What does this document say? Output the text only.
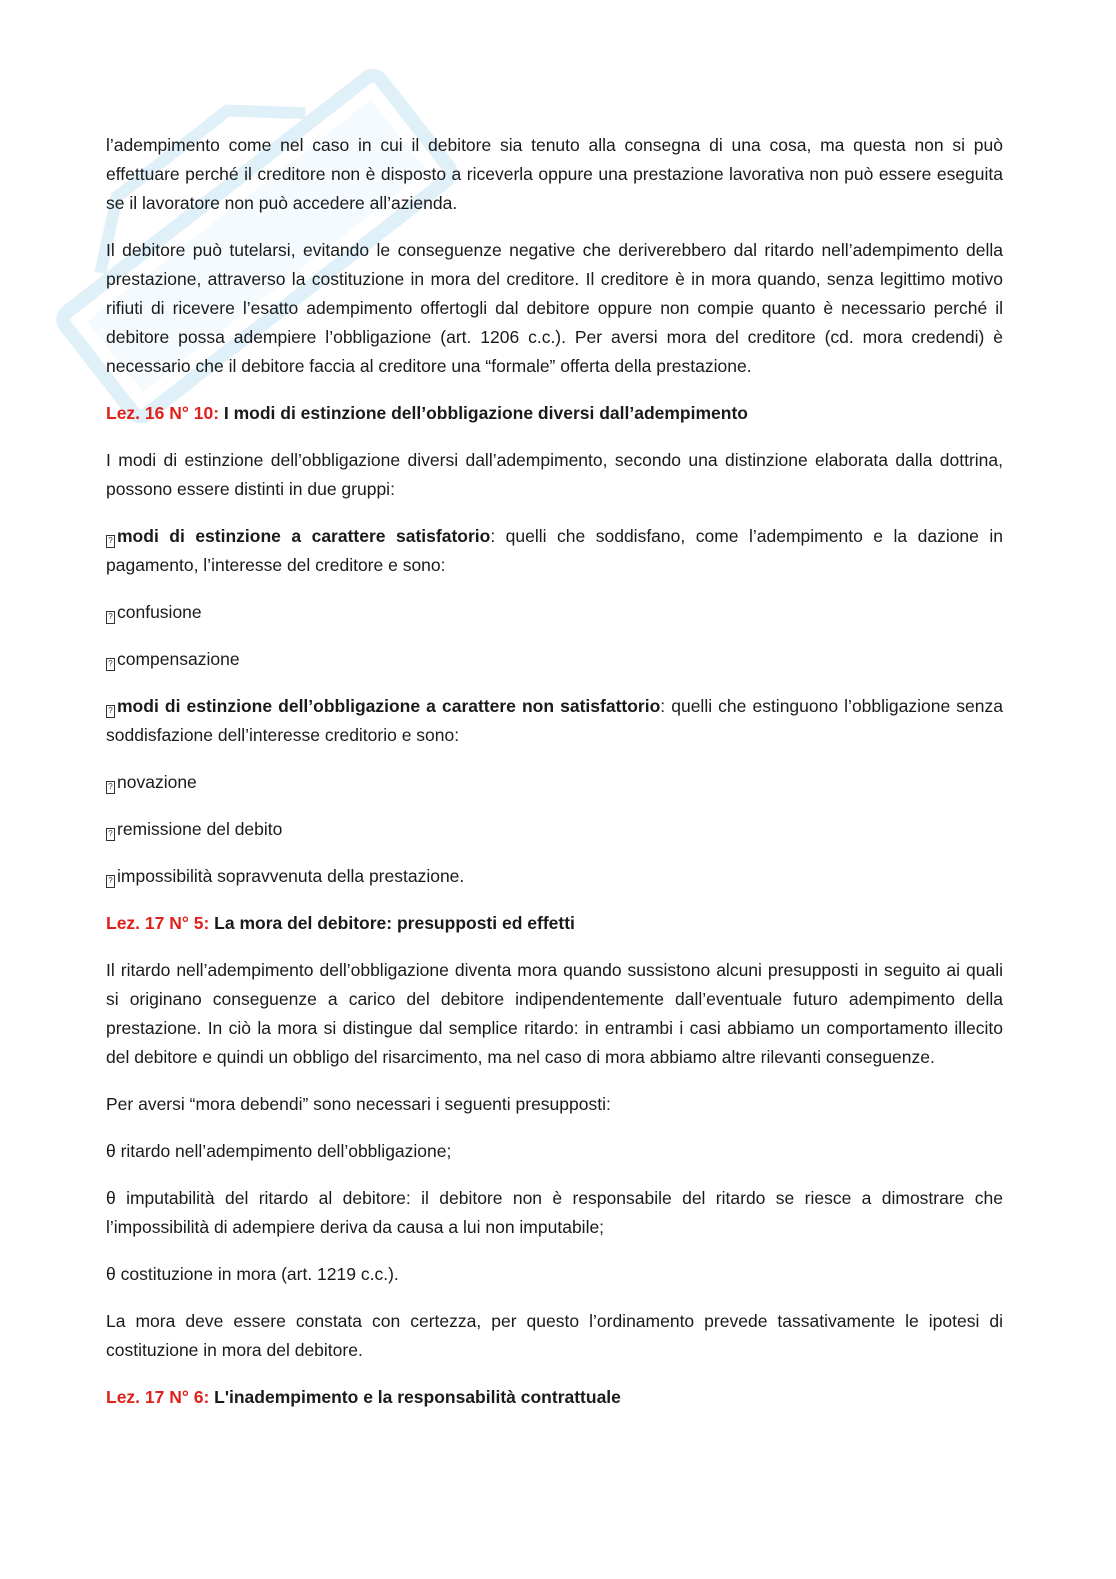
l’adempimento come nel caso in cui il debitore sia tenuto alla consegna di una cosa, ma questa non si può effettuare perché il creditore non è disposto a riceverla oppure una prestazione lavorativa non può essere eseguita se il lavoratore non può accedere all’azienda.

Il debitore può tutelarsi, evitando le conseguenze negative che deriverebbero dal ritardo nell’adempimento della prestazione, attraverso la costituzione in mora del creditore. Il creditore è in mora quando, senza legittimo motivo rifiuti di ricevere l’esatto adempimento offertogli dal debitore oppure non compie quanto è necessario perché il debitore possa adempiere l’obbligazione (art. 1206 c.c.). Per aversi mora del creditore (cd. mora credendi) è necessario che il debitore faccia al creditore una “formale” offerta della prestazione.

Lez. 16 N° 10: I modi di estinzione dell’obbligazione diversi dall’adempimento

I modi di estinzione dell’obbligazione diversi dall’adempimento, secondo una distinzione elaborata dalla dottrina, possono essere distinti in due gruppi:

? modi di estinzione a carattere satisfatorio: quelli che soddisfano, come l’adempimento e la dazione in pagamento, l’interesse del creditore e sono:

? confusione

? compensazione

? modi di estinzione dell’obbligazione a carattere non satisfattorio: quelli che estinguono l’obbligazione senza soddisfazione dell’interesse creditorio e sono:

? novazione

? remissione del debito

? impossibilità sopravvenuta della prestazione.

Lez. 17 N° 5: La mora del debitore: presupposti ed effetti

Il ritardo nell’adempimento dell’obbligazione diventa mora quando sussistono alcuni presupposti in seguito ai quali si originano conseguenze a carico del debitore indipendentemente dall’eventuale futuro adempimento della prestazione. In ciò la mora si distingue dal semplice ritardo: in entrambi i casi abbiamo un comportamento illecito del debitore e quindi un obbligo del risarcimento, ma nel caso di mora abbiamo altre rilevanti conseguenze.

Per aversi “mora debendi” sono necessari i seguenti presupposti:

θ ritardo nell’adempimento dell’obbligazione;

θ imputabilità del ritardo al debitore: il debitore non è responsabile del ritardo se riesce a dimostrare che l’impossibilità di adempiere deriva da causa a lui non imputabile;

θ costituzione in mora (art. 1219 c.c.).

La mora deve essere constata con certezza, per questo l’ordinamento prevede tassativamente le ipotesi di costituzione in mora del debitore.

Lez. 17 N° 6: L'inadempimento e la responsabilità contrattuale
